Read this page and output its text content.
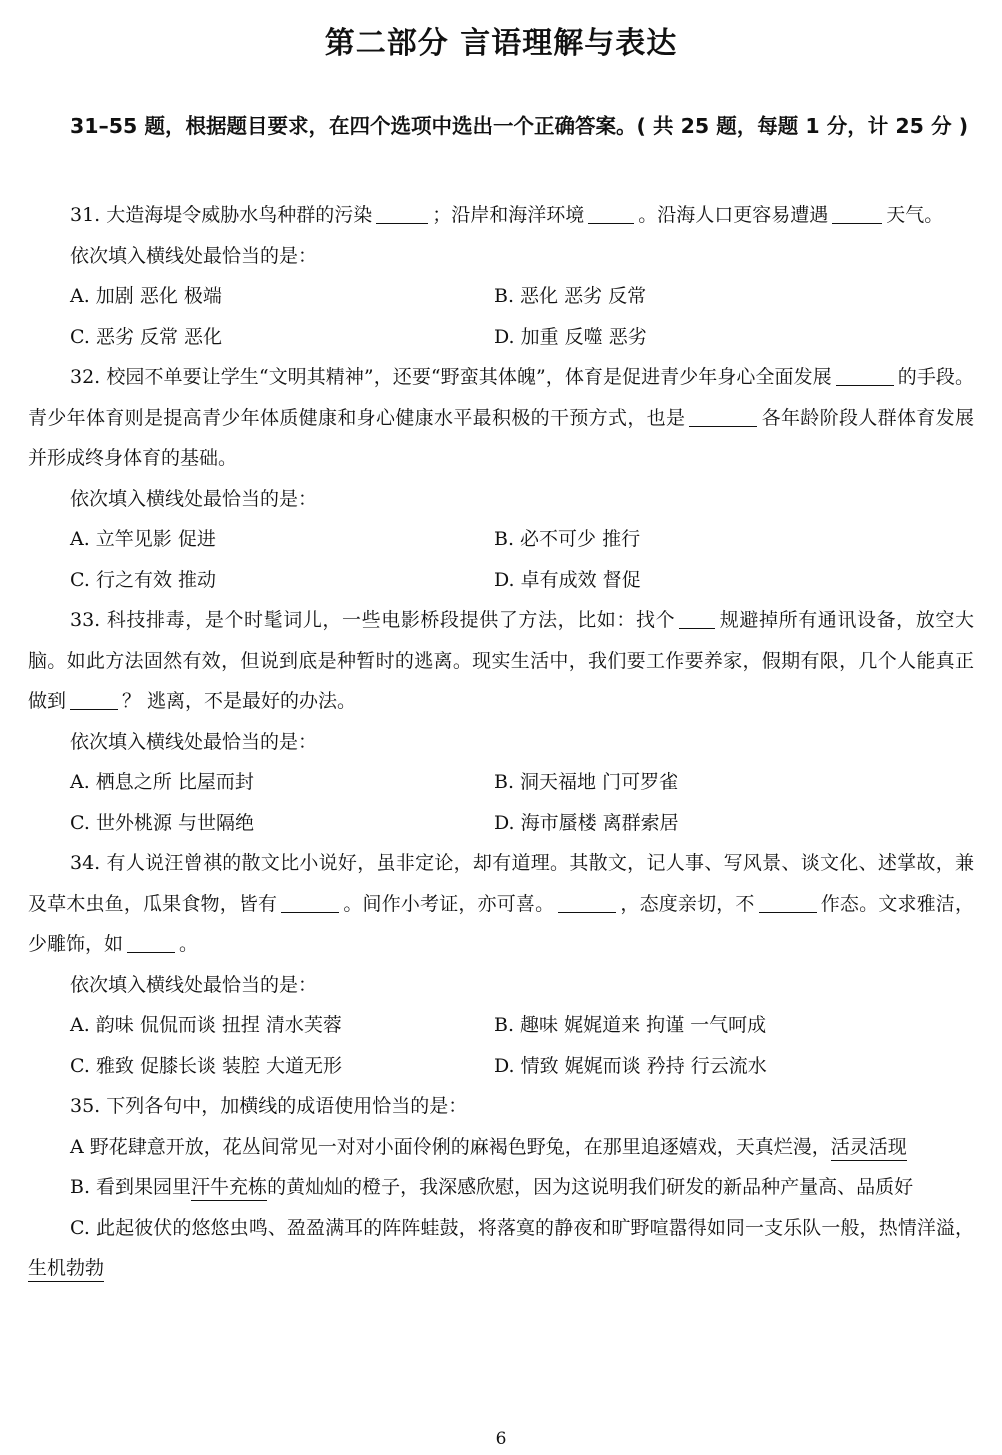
第二部分 言语理解与表达
31–55 题，根据题目要求，在四个选项中选出一个正确答案。( 共 25 题，每题 1 分，计 25 分 )

31. 大造海堤令威胁水鸟种群的污染	；沿岸和海洋环境	。沿海人口更容易遭遇	天气。

依次填入横线处最恰当的是：

A. 加剧 恶化 极端	B. 恶化 恶劣 反常
C. 恶劣 反常 恶化	D. 加重 反噬 恶劣

32. 校园不单要让学生“文明其精神”，还要“野蛮其体魄”，体育是促进青少年身心全面发展	的手段。青少年体育则是提高青少年体质健康和身心健康水平最积极的干预方式，也是	各年龄阶段人群体育发展并形成终身体育的基础。

依次填入横线处最恰当的是：

A. 立竿见影 促进	B. 必不可少 推行
C. 行之有效 推动	D. 卓有成效 督促

33. 科技排毒，是个时髦词儿，一些电影桥段提供了方法，比如：找个 规避掉所有通讯设备，放空大脑。如此方法固然有效，但说到底是种暂时的逃离。现实生活中，我们要工作要养家，假期有限，几个人能真正做到	？ 逃离，不是最好的办法。

依次填入横线处最恰当的是：

A. 栖息之所 比屋而封	B. 洞天福地 门可罗雀
C. 世外桃源 与世隔绝	D. 海市蜃楼 离群索居

34. 有人说汪曾祺的散文比小说好，虽非定论，却有道理。其散文，记人事、写风景、谈文化、述掌故，兼及草木虫鱼，瓜果食物，皆有	。间作小考证，亦可喜。	，态度亲切，不	作态。文求雅洁，少雕饰，如	。

依次填入横线处最恰当的是：

A. 韵味 侃侃而谈 扭捏 清水芙蓉	B. 趣味 娓娓道来 拘谨 一气呵成
C. 雅致 促膝长谈 装腔 大道无形	D. 情致 娓娓而谈 矜持 行云流水

35. 下列各句中，加横线的成语使用恰当的是：

A 野花肆意开放，花丛间常见一对对小面伶俐的麻褐色野兔，在那里追逐嬉戏，天真烂漫，活灵活现

B. 看到果园里汗牛充栋的黄灿灿的橙子，我深感欣慰，因为这说明我们研发的新品种产量高、品质好

C. 此起彼伏的悠悠虫鸣、盈盈满耳的阵阵蛙鼓，将落寞的静夜和旷野喧嚣得如同一支乐队一般，热情洋溢，生机勃勃

6
